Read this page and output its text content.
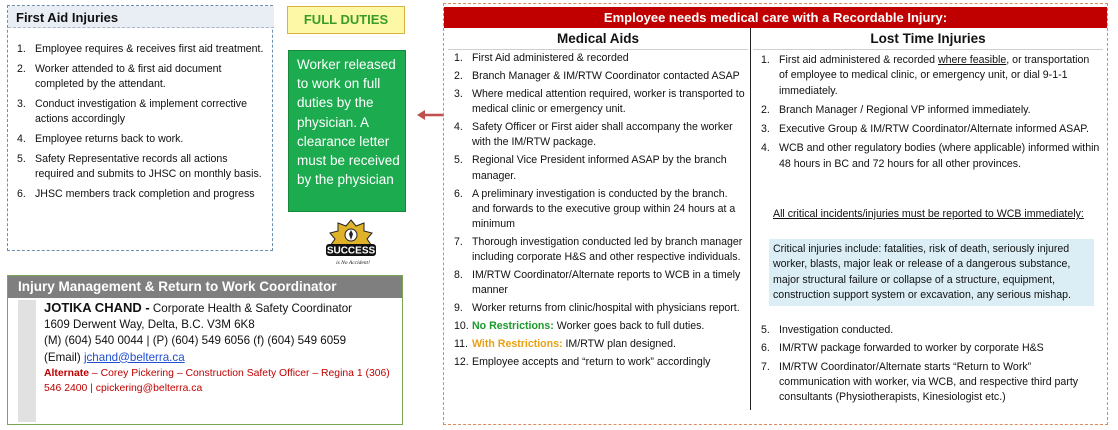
First Aid Injuries
1. Employee requires & receives first aid treatment.
2. Worker attended to & first aid document completed by the attendant.
3. Conduct investigation & implement corrective actions accordingly
4. Employee returns back to work.
5. Safety Representative records all actions required and submits to JHSC on monthly basis.
6. JHSC members track completion and progress
FULL DUTIES
Worker released to work on full duties by the physician. A clearance letter must be received by the physician
SUCCESS
is No Accident!
Injury Management & Return to Work Coordinator
JOTIKA CHAND - Corporate Health & Safety Coordinator
1609 Derwent Way, Delta, B.C. V3M 6K8
(M) (604) 540 0044 | (P) (604) 549 6056 (f) (604) 549 6059
(Email) jchand@belterra.ca
Alternate – Corey Pickering – Construction Safety Officer – Regina 1 (306) 546 2400 | cpickering@belterra.ca
Employee needs medical care with a Recordable Injury:
Medical Aids	Lost Time Injuries
1. First Aid administered & recorded
2. Branch Manager & IM/RTW Coordinator contacted ASAP
3. Where medical attention required, worker is transported to medical clinic or emergency unit.
4. Safety Officer or First aider shall accompany the worker with the IM/RTW package.
5. Regional Vice President informed ASAP by the branch manager.
6. A preliminary investigation is conducted by the branch. and forwards to the executive group within 24 hours at a minimum
7. Thorough investigation conducted led by branch manager including corporate H&S and other respective individuals.
8. IM/RTW Coordinator/Alternate reports to WCB in a timely manner
9. Worker returns from clinic/hospital with physicians report.
10. No Restrictions: Worker goes back to full duties.
11. With Restrictions: IM/RTW plan designed.
12. Employee accepts and “return to work” accordingly
1. First aid administered & recorded where feasible, or transportation of employee to medical clinic, or emergency unit, or dial 9-1-1 immediately.
2. Branch Manager / Regional VP informed immediately.
3. Executive Group & IM/RTW Coordinator/Alternate informed ASAP.
4. WCB and other regulatory bodies (where applicable) informed within 48 hours in BC and 72 hours for all other provinces.
All critical incidents/injuries must be reported to WCB immediately:
Critical injuries include: fatalities, risk of death, seriously injured worker, blasts, major leak or release of a dangerous substance, major structural failure or collapse of a structure, equipment, construction support system or excavation, any serious mishap.
5. Investigation conducted.
6. IM/RTW package forwarded to worker by corporate H&S
7. IM/RTW Coordinator/Alternate starts “Return to Work” communication with worker, via WCB, and respective third party consultants (Physiotherapists, Kinesiologist etc.)
